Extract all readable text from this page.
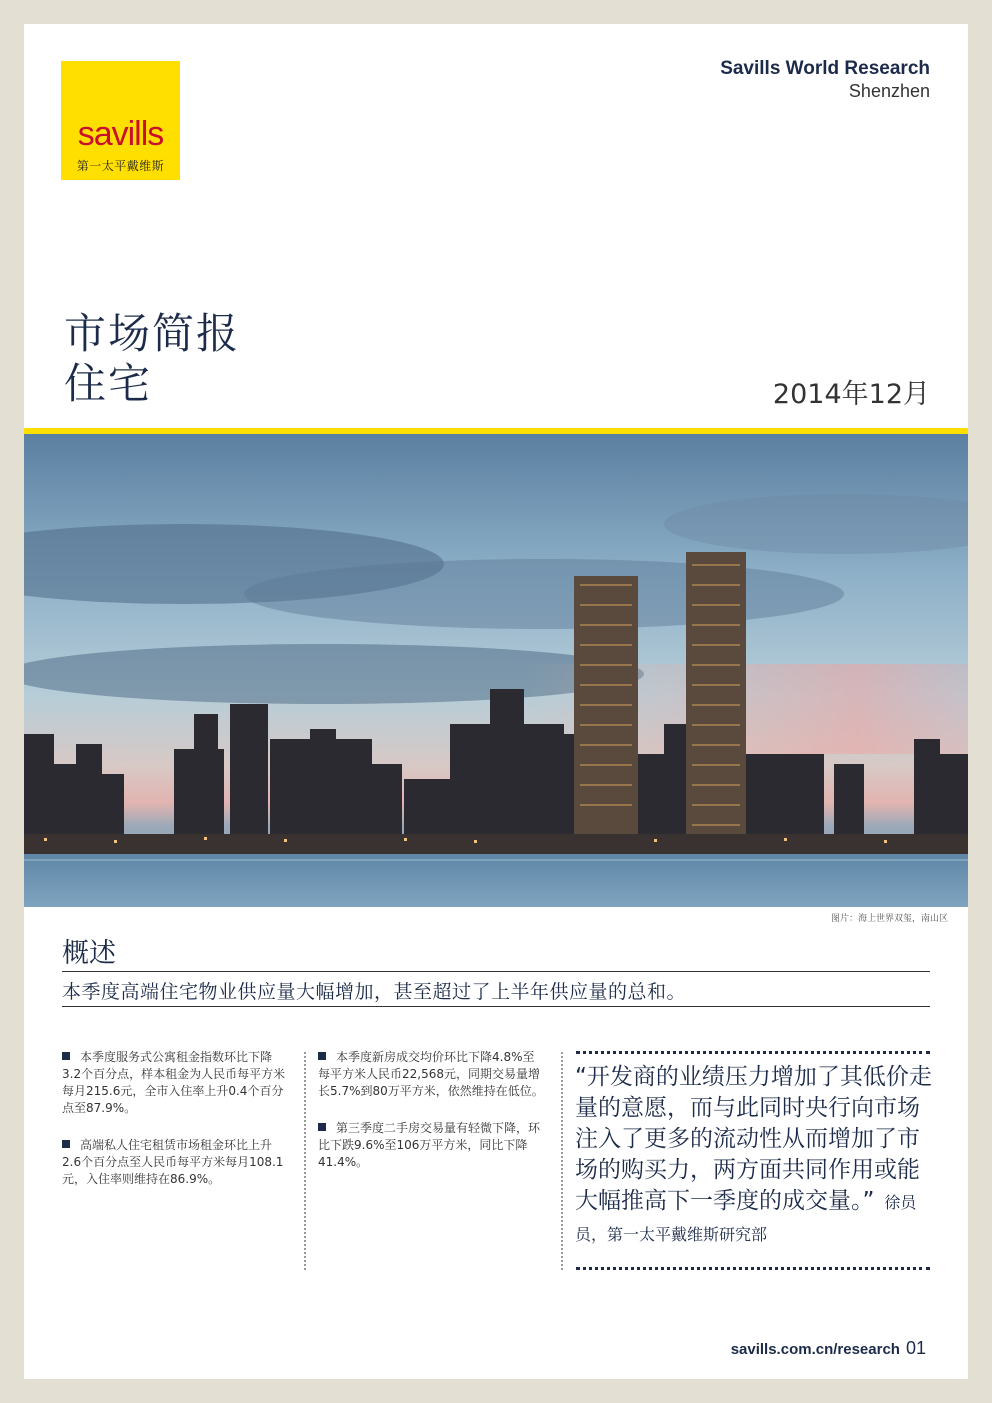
savills
第一太平戴维斯
Savills World Research
Shenzhen
市场简报
住宅	2014年12月
图片：海上世界双玺，南山区
概述
本季度高端住宅物业供应量大幅增加，甚至超过了上半年供应量的总和。

本季度服务式公寓租金指数环比下降3.2个百分点，样本租金为人民币每平方米每月215.6元，全市入住率上升0.4个百分点至87.9%。

高端私人住宅租赁市场租金环比上升2.6个百分点至人民币每平方米每月108.1元，入住率则维持在86.9%。

本季度新房成交均价环比下降4.8%至每平方米人民币22,568元，同期交易量增长5.7%到80万平方米，依然维持在低位。

第三季度二手房交易量有轻微下降，环比下跌9.6%至106万平方米，同比下降41.4%。

“开发商的业绩压力增加了其低价走量的意愿，而与此同时央行向市场注入了更多的流动性从而增加了市场的购买力，两方面共同作用或能大幅推高下一季度的成交量。” 徐员员，第一太平戴维斯研究部
savills.com.cn/research 01
